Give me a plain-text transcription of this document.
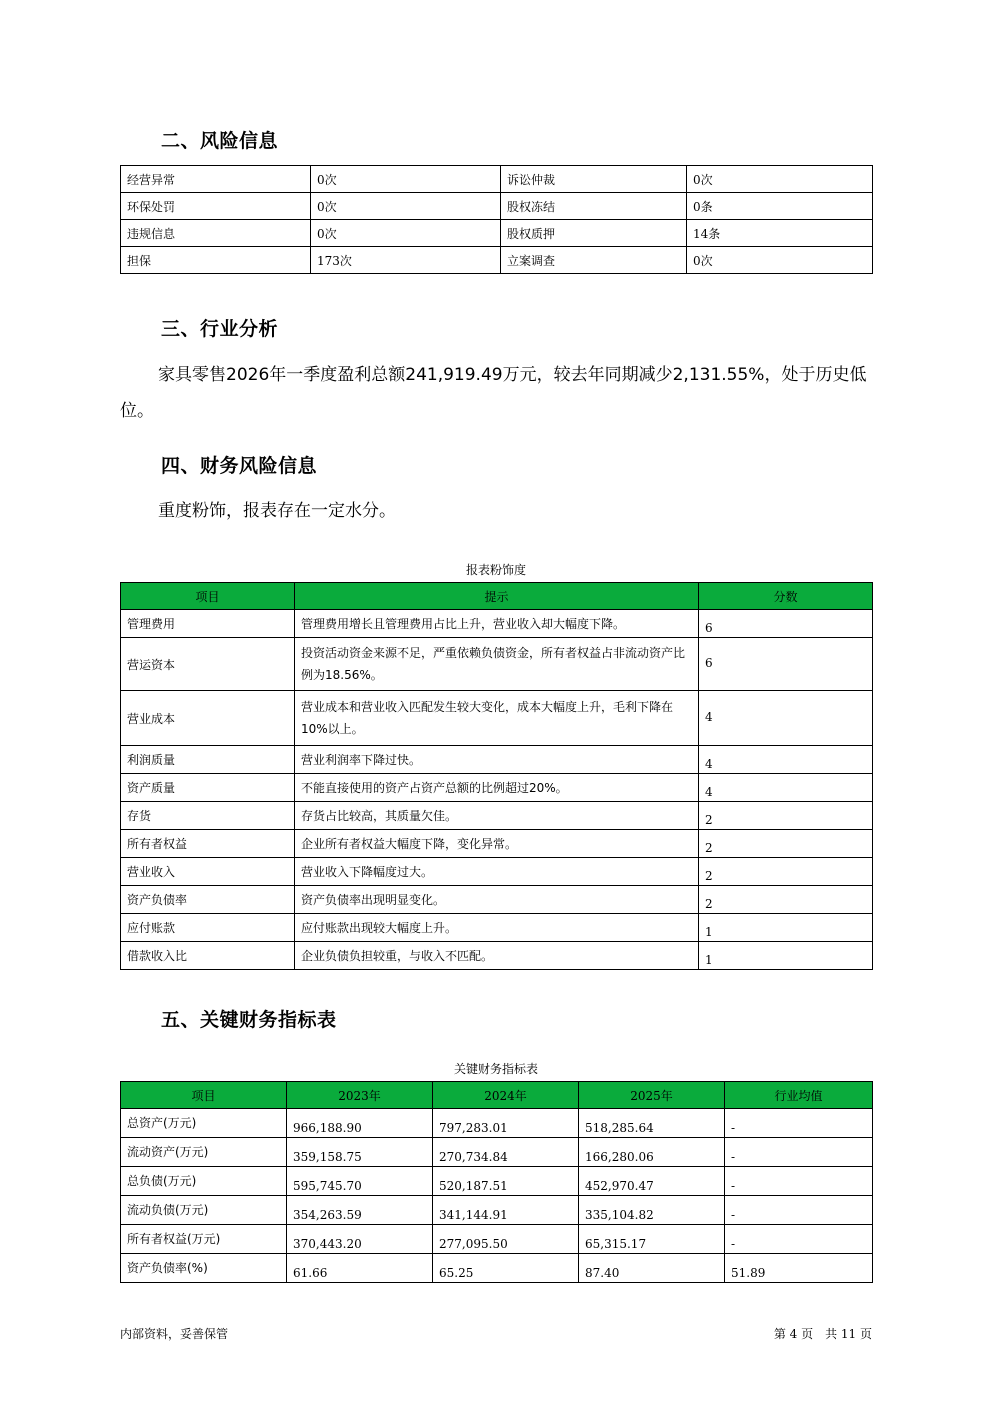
二、风险信息
经营异常	0次	诉讼仲裁	0次
环保处罚	0次	股权冻结	0条
违规信息	0次	股权质押	14条
担保	173次	立案调查	0次
三、行业分析
家具零售2026年一季度盈利总额241,919.49万元，较去年同期减少2,131.55%，处于历史低位。
四、财务风险信息
重度粉饰，报表存在一定水分。
报表粉饰度
项目	提示	分数
管理费用	管理费用增长且管理费用占比上升，营业收入却大幅度下降。	6
营运资本	投资活动资金来源不足，严重依赖负债资金，所有者权益占非流动资产比例为18.56%。	6
营业成本	营业成本和营业收入匹配发生较大变化，成本大幅度上升，毛利下降在10%以上。	4
利润质量	营业利润率下降过快。	4
资产质量	不能直接使用的资产占资产总额的比例超过20%。	4
存货	存货占比较高，其质量欠佳。	2
所有者权益	企业所有者权益大幅度下降，变化异常。	2
营业收入	营业收入下降幅度过大。	2
资产负债率	资产负债率出现明显变化。	2
应付账款	应付账款出现较大幅度上升。	1
借款收入比	企业负债负担较重，与收入不匹配。	1
五、关键财务指标表
关键财务指标表
项目	2023年	2024年	2025年	行业均值
总资产(万元)	966,188.90	797,283.01	518,285.64	-
流动资产(万元)	359,158.75	270,734.84	166,280.06	-
总负债(万元)	595,745.70	520,187.51	452,970.47	-
流动负债(万元)	354,263.59	341,144.91	335,104.82	-
所有者权益(万元)	370,443.20	277,095.50	65,315.17	-
资产负债率(%)	61.66	65.25	87.40	51.89
内部资料，妥善保管	第 4 页　共 11 页
